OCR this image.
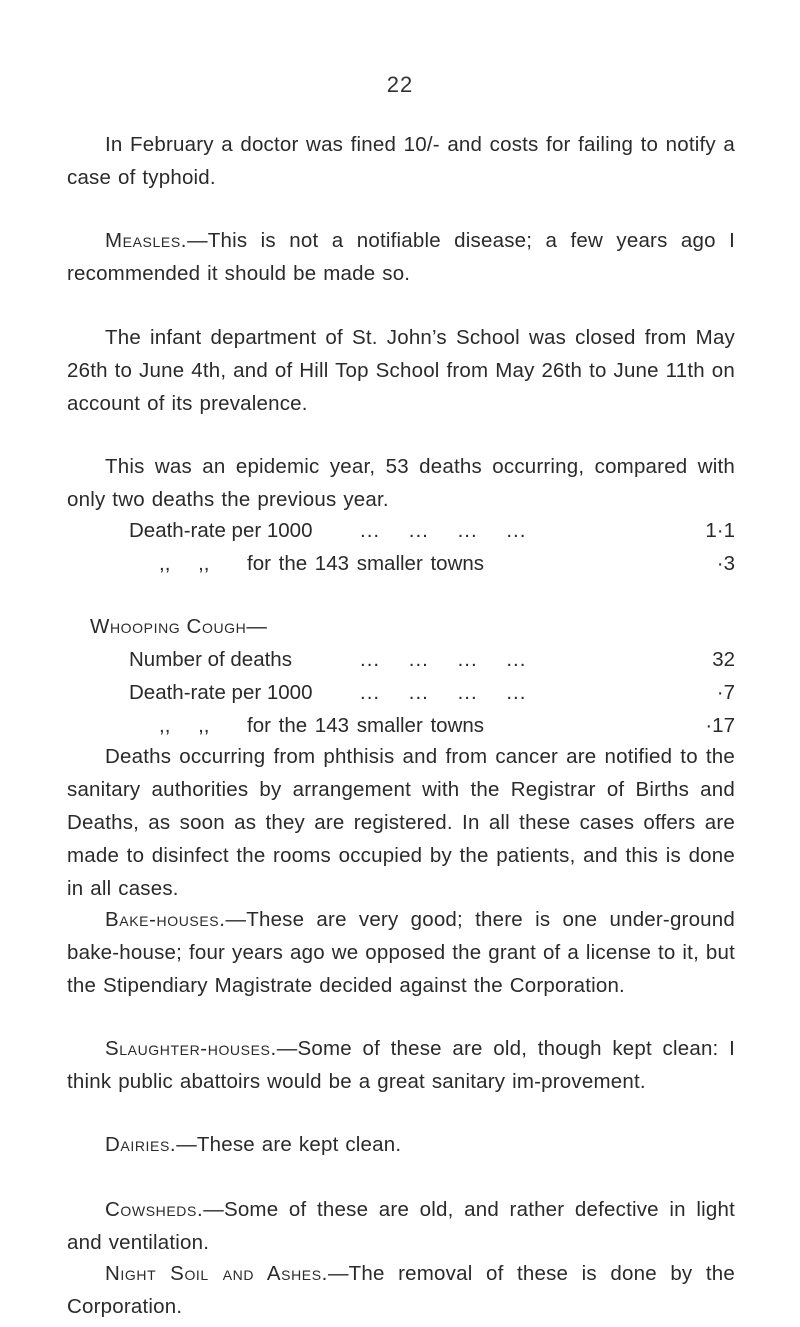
22

In February a doctor was fined 10/- and costs for failing to notify a case of typhoid.

Measles.—This is not a notifiable disease; a few years ago I recommended it should be made so.

The infant department of St. John’s School was closed from May 26th to June 4th, and of Hill Top School from May 26th to June 11th on account of its prevalence.

This was an epidemic year, 53 deaths occurring, compared with only two deaths the previous year.

Death-rate per 1000 ... ... ... ...	1·1
,, ,,	for the 143 smaller towns	·3
Whooping Cough—
Number of deaths	... ... ... ...	32
Death-rate per 1000 ... ... ... ...	·7
,, ,,	for the 143 smaller towns	·17

Deaths occurring from phthisis and from cancer are notified to the sanitary authorities by arrangement with the Registrar of Births and Deaths, as soon as they are registered. In all these cases offers are made to disinfect the rooms occupied by the patients, and this is done in all cases.

Bake-houses.—These are very good; there is one under-ground bake-house; four years ago we opposed the grant of a license to it, but the Stipendiary Magistrate decided against the Corporation.

Slaughter-houses.—Some of these are old, though kept clean: I think public abattoirs would be a great sanitary im-provement.

Dairies.—These are kept clean.

Cowsheds.—Some of these are old, and rather defective in light and ventilation.

Night Soil and Ashes.—The removal of these is done by the Corporation.
